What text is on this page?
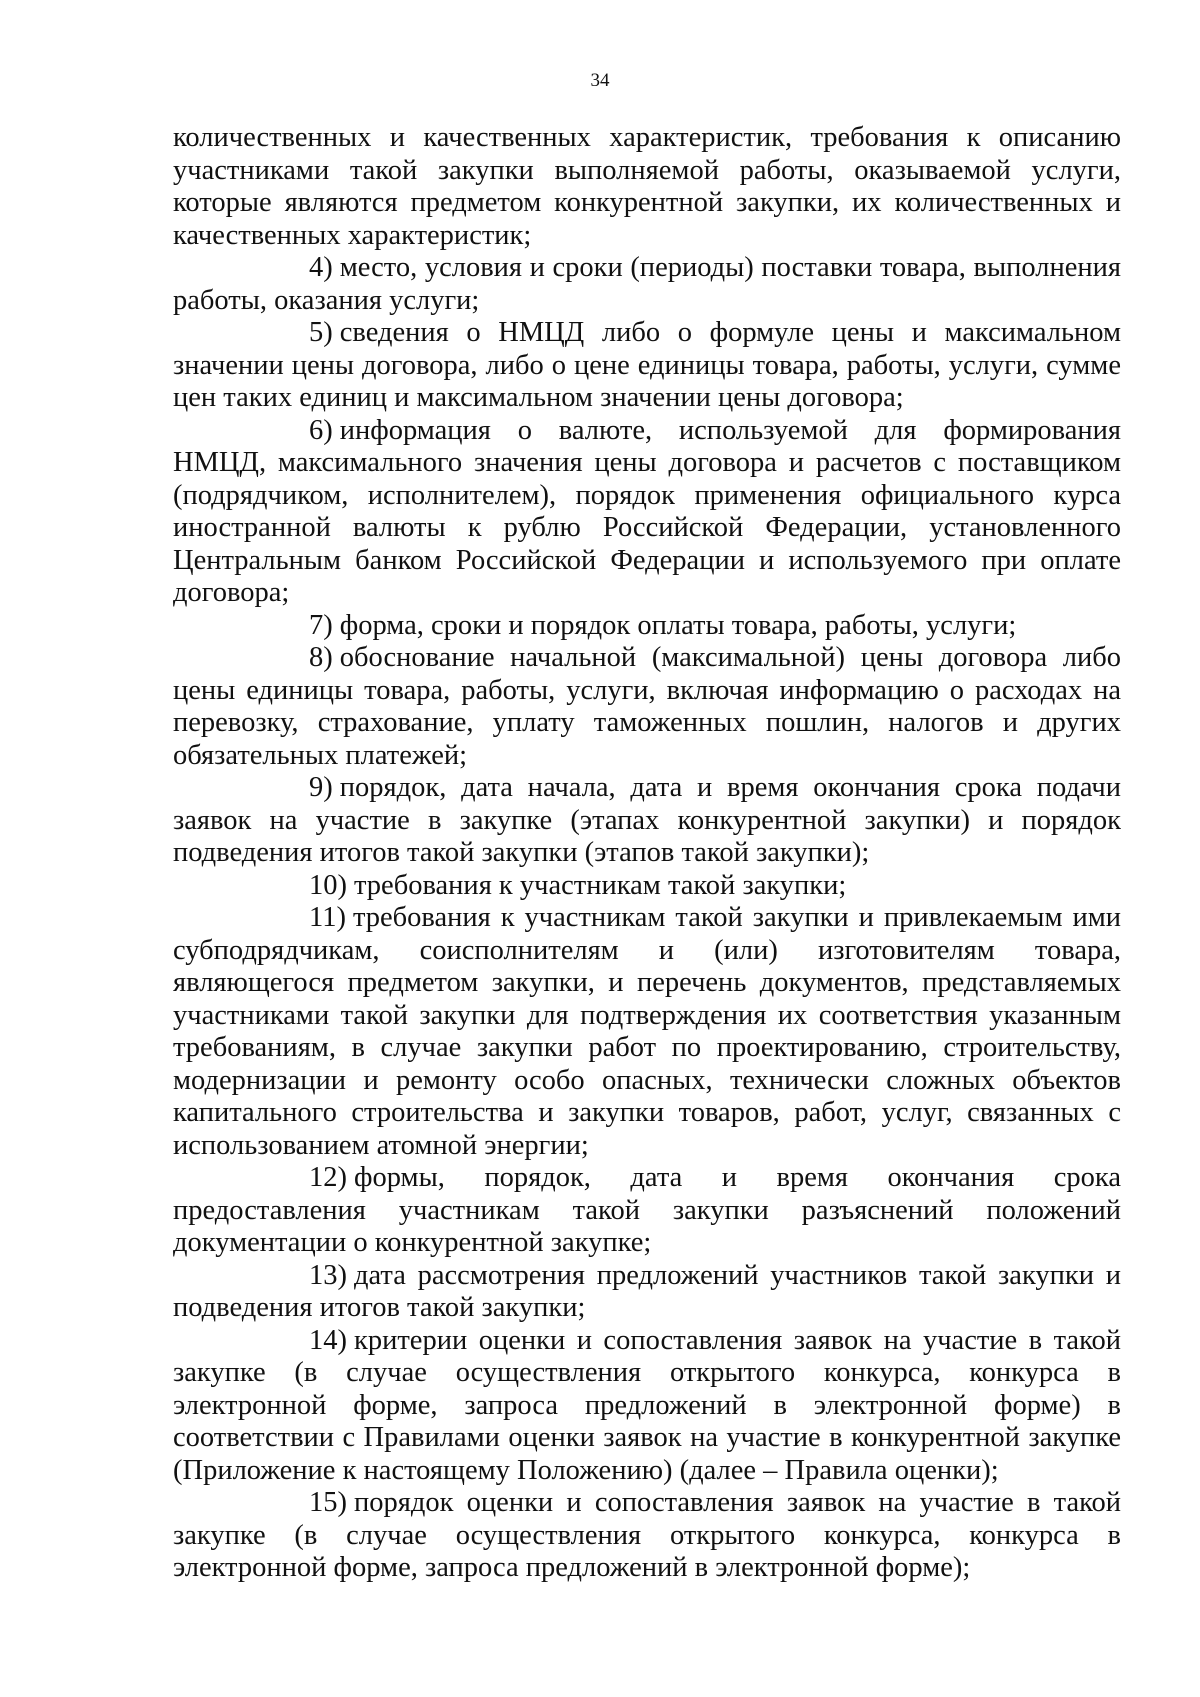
34

количественных и качественных характеристик, требования к описанию участниками такой закупки выполняемой работы, оказываемой услуги, которые являются предметом конкурентной закупки, их количественных и качественных характеристик;

4) место, условия и сроки (периоды) поставки товара, выполнения работы, оказания услуги;

5) сведения о НМЦД либо о формуле цены и максимальном значении цены договора, либо о цене единицы товара, работы, услуги, сумме цен таких единиц и максимальном значении цены договора;

6) информация о валюте, используемой для формирования НМЦД, максимального значения цены договора и расчетов с поставщиком (подрядчиком, исполнителем), порядок применения официального курса иностранной валюты к рублю Российской Федерации, установленного Центральным банком Российской Федерации и используемого при оплате договора;

7) форма, сроки и порядок оплаты товара, работы, услуги;

8) обоснование начальной (максимальной) цены договора либо цены единицы товара, работы, услуги, включая информацию о расходах на перевозку, страхование, уплату таможенных пошлин, налогов и других обязательных платежей;

9) порядок, дата начала, дата и время окончания срока подачи заявок на участие в закупке (этапах конкурентной закупки) и порядок подведения итогов такой закупки (этапов такой закупки);

10) требования к участникам такой закупки;

11) требования к участникам такой закупки и привлекаемым ими субподрядчикам, соисполнителям и (или) изготовителям товара, являющегося предметом закупки, и перечень документов, представляемых участниками такой закупки для подтверждения их соответствия указанным требованиям, в случае закупки работ по проектированию, строительству, модернизации и ремонту особо опасных, технически сложных объектов капитального строительства и закупки товаров, работ, услуг, связанных с использованием атомной энергии;

12) формы, порядок, дата и время окончания срока предоставления участникам такой закупки разъяснений положений документации о конкурентной закупке;

13) дата рассмотрения предложений участников такой закупки и подведения итогов такой закупки;

14) критерии оценки и сопоставления заявок на участие в такой закупке (в случае осуществления открытого конкурса, конкурса в электронной форме, запроса предложений в электронной форме) в соответствии с Правилами оценки заявок на участие в конкурентной закупке (Приложение к настоящему Положению) (далее – Правила оценки);

15) порядок оценки и сопоставления заявок на участие в такой закупке (в случае осуществления открытого конкурса, конкурса в электронной форме, запроса предложений в электронной форме);
